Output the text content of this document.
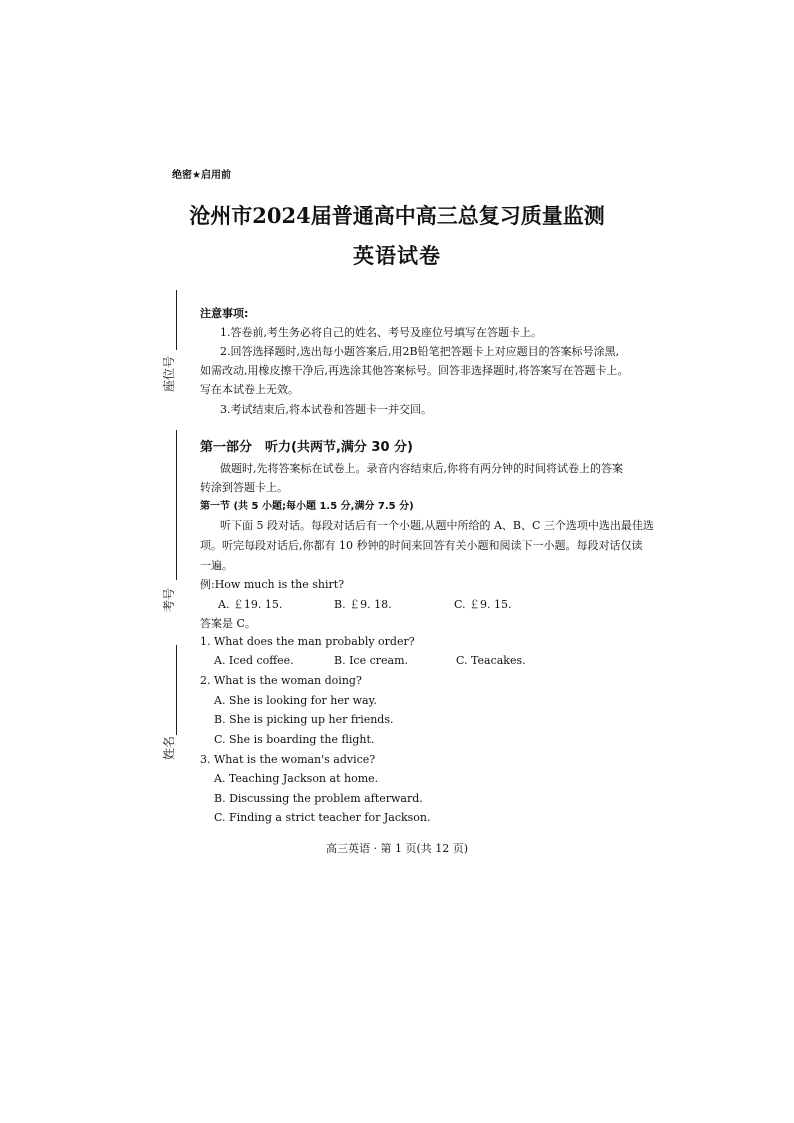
绝密★启用前
沧州市2024届普通高中高三总复习质量监测
英语试卷
座位号
考号
姓名
注意事项:
1.答卷前,考生务必将自己的姓名、考号及座位号填写在答题卡上。
2.回答选择题时,选出每小题答案后,用2B铅笔把答题卡上对应题目的答案标号涂黑,
如需改动,用橡皮擦干净后,再选涂其他答案标号。回答非选择题时,将答案写在答题卡上。
写在本试卷上无效。
3.考试结束后,将本试卷和答题卡一并交回。
第一部分　听力(共两节,满分 30 分)
做题时,先将答案标在试卷上。录音内容结束后,你将有两分钟的时间将试卷上的答案
转涂到答题卡上。
第一节 (共 5 小题;每小题 1.5 分,满分 7.5 分)
听下面 5 段对话。每段对话后有一个小题,从题中所给的 A、B、C 三个选项中选出最佳选
项。听完每段对话后,你都有 10 秒钟的时间来回答有关小题和阅读下一小题。每段对话仅读
一遍。
例:How much is the shirt?
A. ￡19. 15.	B. ￡9. 18.	C. ￡9. 15.
答案是 C。
1. What does the man probably order?
A. Iced coffee.	B. Ice cream.	C. Teacakes.
2. What is the woman doing?
A. She is looking for her way.
B. She is picking up her friends.
C. She is boarding the flight.
3. What is the woman's advice?
A. Teaching Jackson at home.
B. Discussing the problem afterward.
C. Finding a strict teacher for Jackson.
高三英语 · 第 1 页(共 12 页)
